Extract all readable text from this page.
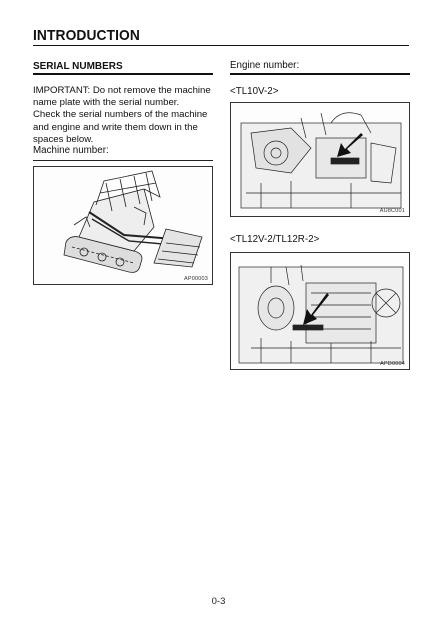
INTRODUCTION
SERIAL NUMBERS
IMPORTANT: Do not remove the machine
name plate with the serial number.
Check the serial numbers of the machine
and engine and write them down in the
spaces below.

Machine number:

AP00003

Engine number:

<TL10V-2>

AU8C001

<TL12V-2/TL12R-2>

APD0004
0-3
